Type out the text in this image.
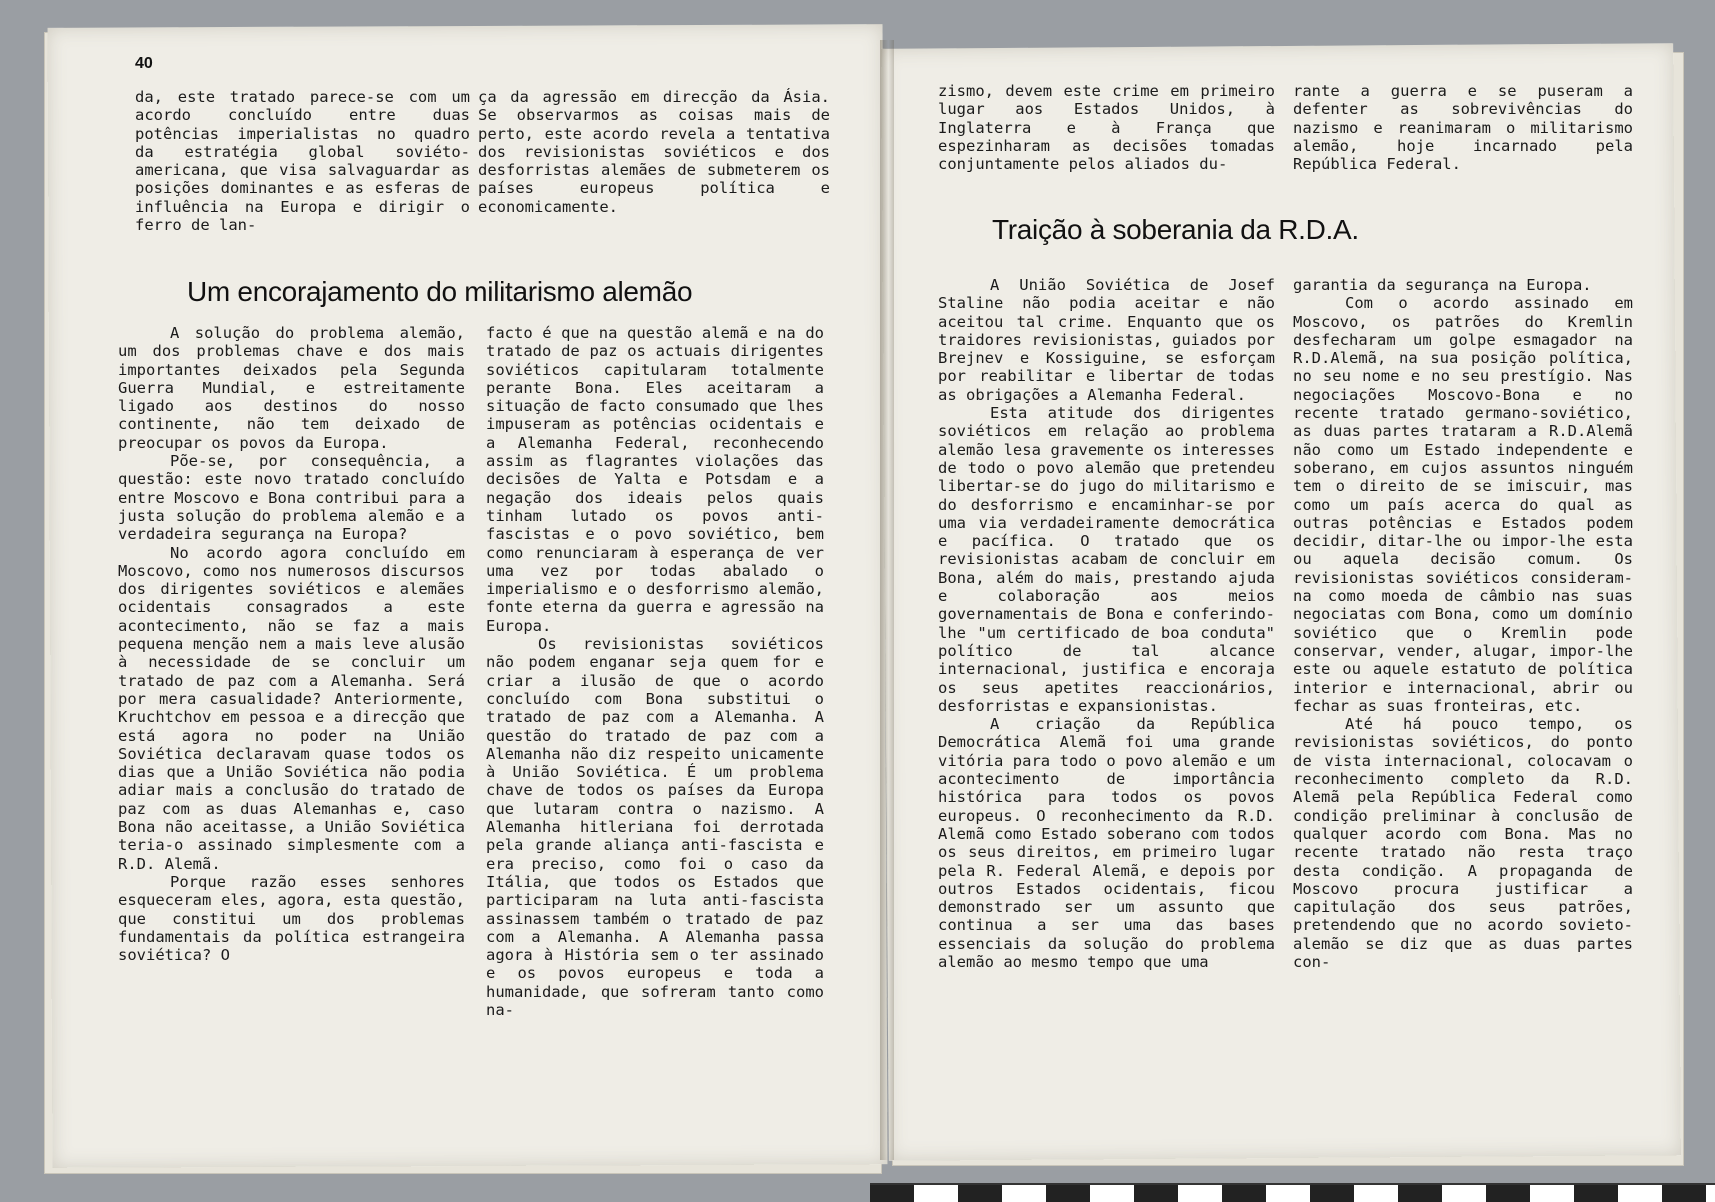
40

da, este tratado parece-se com um acordo concluído entre duas potências imperialistas no quadro da estratégia global soviéto-americana, que visa salvaguardar as posições dominantes e as esferas de influência na Europa e dirigir o ferro de lan-

ça da agressão em direcção da Ásia. Se observarmos as coisas mais de perto, este acordo revela a tentativa dos revisionistas soviéticos e dos desforristas alemães de submeterem os países europeus política e economicamente.

Um encorajamento do militarismo alemão

A solução do problema alemão, um dos problemas chave e dos mais importantes deixados pela Segunda Guerra Mundial, e estreitamente ligado aos destinos do nosso continente, não tem deixado de preocupar os povos da Europa.

Põe-se, por consequência, a questão: este novo tratado concluído entre Moscovo e Bona contribui para a justa solução do problema alemão e a verdadeira segurança na Europa?

No acordo agora concluído em Moscovo, como nos numerosos discursos dos dirigentes soviéticos e alemães ocidentais consagrados a este acontecimento, não se faz a mais pequena menção nem a mais leve alusão à necessidade de se concluir um tratado de paz com a Alemanha. Será por mera casualidade? Anteriormente, Kruchtchov em pessoa e a direcção que está agora no poder na União Soviética declaravam quase todos os dias que a União Soviética não podia adiar mais a conclusão do tratado de paz com as duas Alemanhas e, caso Bona não aceitasse, a União Soviética teria-o assinado simplesmente com a R.D. Alemã.

Porque razão esses senhores esqueceram eles, agora, esta questão, que constitui um dos problemas fundamentais da política estrangeira soviética? O

facto é que na questão alemã e na do tratado de paz os actuais dirigentes soviéticos capitularam totalmente perante Bona. Eles aceitaram a situação de facto consumado que lhes impuseram as potências ocidentais e a Alemanha Federal, reconhecendo assim as flagrantes violações das decisões de Yalta e Potsdam e a negação dos ideais pelos quais tinham lutado os povos anti-fascistas e o povo soviético, bem como renunciaram à esperança de ver uma vez por todas abalado o imperialismo e o desforrismo alemão, fonte eterna da guerra e agressão na Europa.

Os revisionistas soviéticos não podem enganar seja quem for e criar a ilusão de que o acordo concluído com Bona substitui o tratado de paz com a Alemanha. A questão do tratado de paz com a Alemanha não diz respeito unicamente à União Soviética. É um problema chave de todos os países da Europa que lutaram contra o nazismo. A Alemanha hitleriana foi derrotada pela grande aliança anti-fascista e era preciso, como foi o caso da Itália, que todos os Estados que participaram na luta anti-fascista assinassem também o tratado de paz com a Alemanha. A Alemanha passa agora à História sem o ter assinado e os povos europeus e toda a humanidade, que sofreram tanto como na-

zismo, devem este crime em primeiro lugar aos Estados Unidos, à Inglaterra e à França que espezinharam as decisões tomadas conjuntamente pelos aliados du-

rante a guerra e se puseram a defenter as sobrevivências do nazismo e reanimaram o militarismo alemão, hoje incarnado pela República Federal.

Traição à soberania da R.D.A.

A União Soviética de Josef Staline não podia aceitar e não aceitou tal crime. Enquanto que os traidores revisionistas, guiados por Brejnev e Kossiguine, se esforçam por reabilitar e libertar de todas as obrigações a Alemanha Federal.

Esta atitude dos dirigentes soviéticos em relação ao problema alemão lesa gravemente os interesses de todo o povo alemão que pretendeu libertar-se do jugo do militarismo e do desforrismo e encaminhar-se por uma via verdadeiramente democrática e pacífica. O tratado que os revisionistas acabam de concluir em Bona, além do mais, prestando ajuda e colaboração aos meios governamentais de Bona e conferindo-lhe "um certificado de boa conduta" político de tal alcance internacional, justifica e encoraja os seus apetites reaccionários, desforristas e expansionistas.

A criação da República Democrática Alemã foi uma grande vitória para todo o povo alemão e um acontecimento de importância histórica para todos os povos europeus. O reconhecimento da R.D. Alemã como Estado soberano com todos os seus direitos, em primeiro lugar pela R. Federal Alemã, e depois por outros Estados ocidentais, ficou demonstrado ser um assunto que continua a ser uma das bases essenciais da solução do problema alemão ao mesmo tempo que uma

garantia da segurança na Europa.

Com o acordo assinado em Moscovo, os patrões do Kremlin desfecharam um golpe esmagador na R.D.Alemã, na sua posição política, no seu nome e no seu prestígio. Nas negociações Moscovo-Bona e no recente tratado germano-soviético, as duas partes trataram a R.D.Alemã não como um Estado independente e soberano, em cujos assuntos ninguém tem o direito de se imiscuir, mas como um país acerca do qual as outras potências e Estados podem decidir, ditar-lhe ou impor-lhe esta ou aquela decisão comum. Os revisionistas soviéticos consideram-na como moeda de câmbio nas suas negociatas com Bona, como um domínio soviético que o Kremlin pode conservar, vender, alugar, impor-lhe este ou aquele estatuto de política interior e internacional, abrir ou fechar as suas fronteiras, etc.

Até há pouco tempo, os revisionistas soviéticos, do ponto de vista internacional, colocavam o reconhecimento completo da R.D. Alemã pela República Federal como condição preliminar à conclusão de qualquer acordo com Bona. Mas no recente tratado não resta traço desta condição. A propaganda de Moscovo procura justificar a capitulação dos seus patrões, pretendendo que no acordo sovieto-alemão se diz que as duas partes con-
